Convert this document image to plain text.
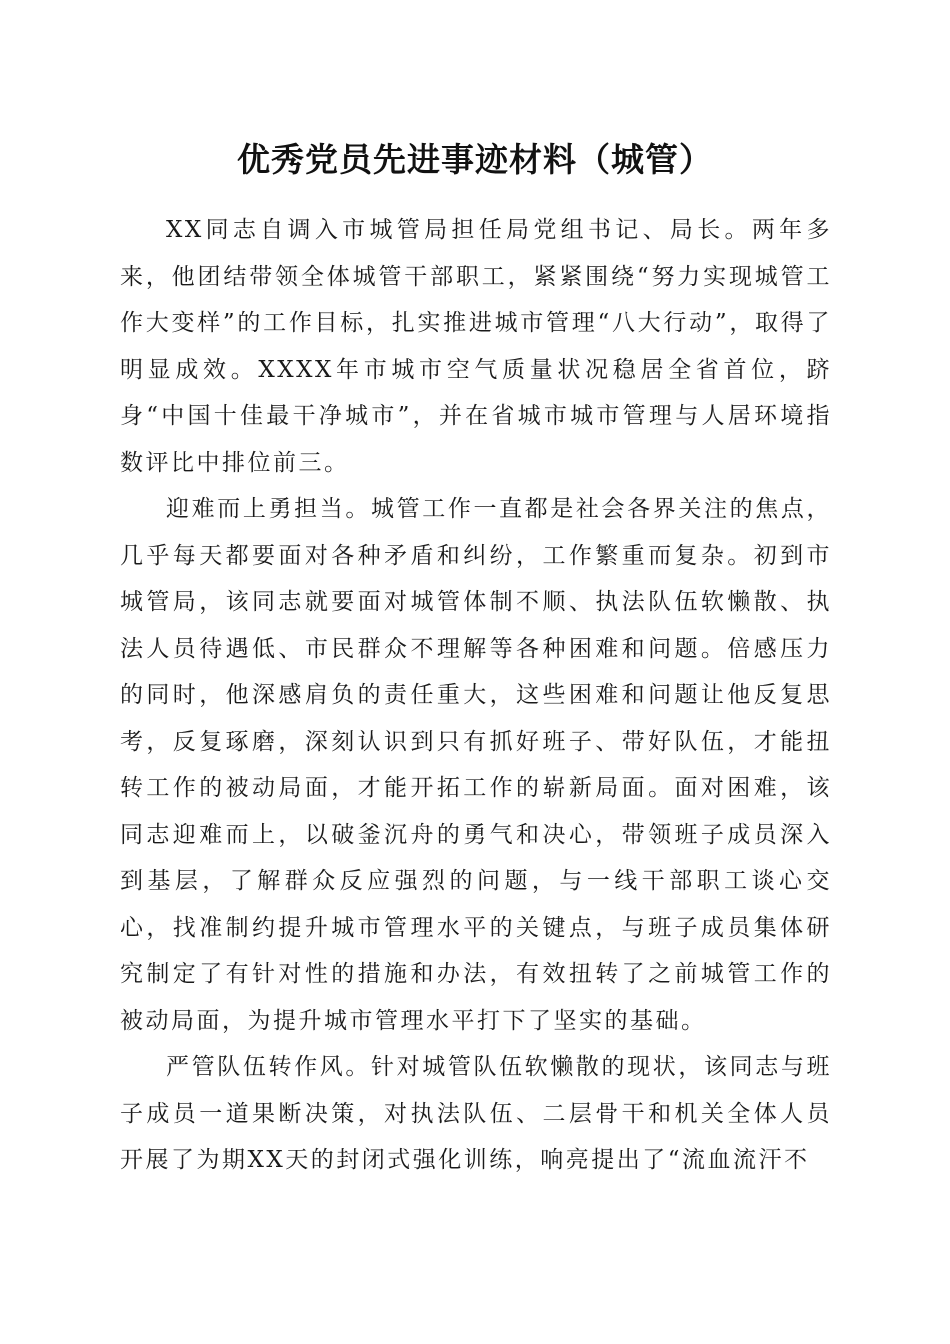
优秀党员先进事迹材料（城管）

XX同志自调入市城管局担任局党组书记、局长。两年多来，他团结带领全体城管干部职工，紧紧围绕“努力实现城管工作大变样”的工作目标，扎实推进城市管理“八大行动”，取得了明显成效。XXXX年市城市空气质量状况稳居全省首位，跻身“中国十佳最干净城市”，并在省城市城市管理与人居环境指数评比中排位前三。

迎难而上勇担当。城管工作一直都是社会各界关注的焦点，几乎每天都要面对各种矛盾和纠纷，工作繁重而复杂。初到市城管局，该同志就要面对城管体制不顺、执法队伍软懒散、执法人员待遇低、市民群众不理解等各种困难和问题。倍感压力的同时，他深感肩负的责任重大，这些困难和问题让他反复思考，反复琢磨，深刻认识到只有抓好班子、带好队伍，才能扭转工作的被动局面，才能开拓工作的崭新局面。面对困难，该同志迎难而上，以破釜沉舟的勇气和决心，带领班子成员深入到基层，了解群众反应强烈的问题，与一线干部职工谈心交心，找准制约提升城市管理水平的关键点，与班子成员集体研究制定了有针对性的措施和办法，有效扭转了之前城管工作的被动局面，为提升城市管理水平打下了坚实的基础。

严管队伍转作风。针对城管队伍软懒散的现状，该同志与班子成员一道果断决策，对执法队伍、二层骨干和机关全体人员开展了为期XX天的封闭式强化训练，响亮提出了“流血流汗不
